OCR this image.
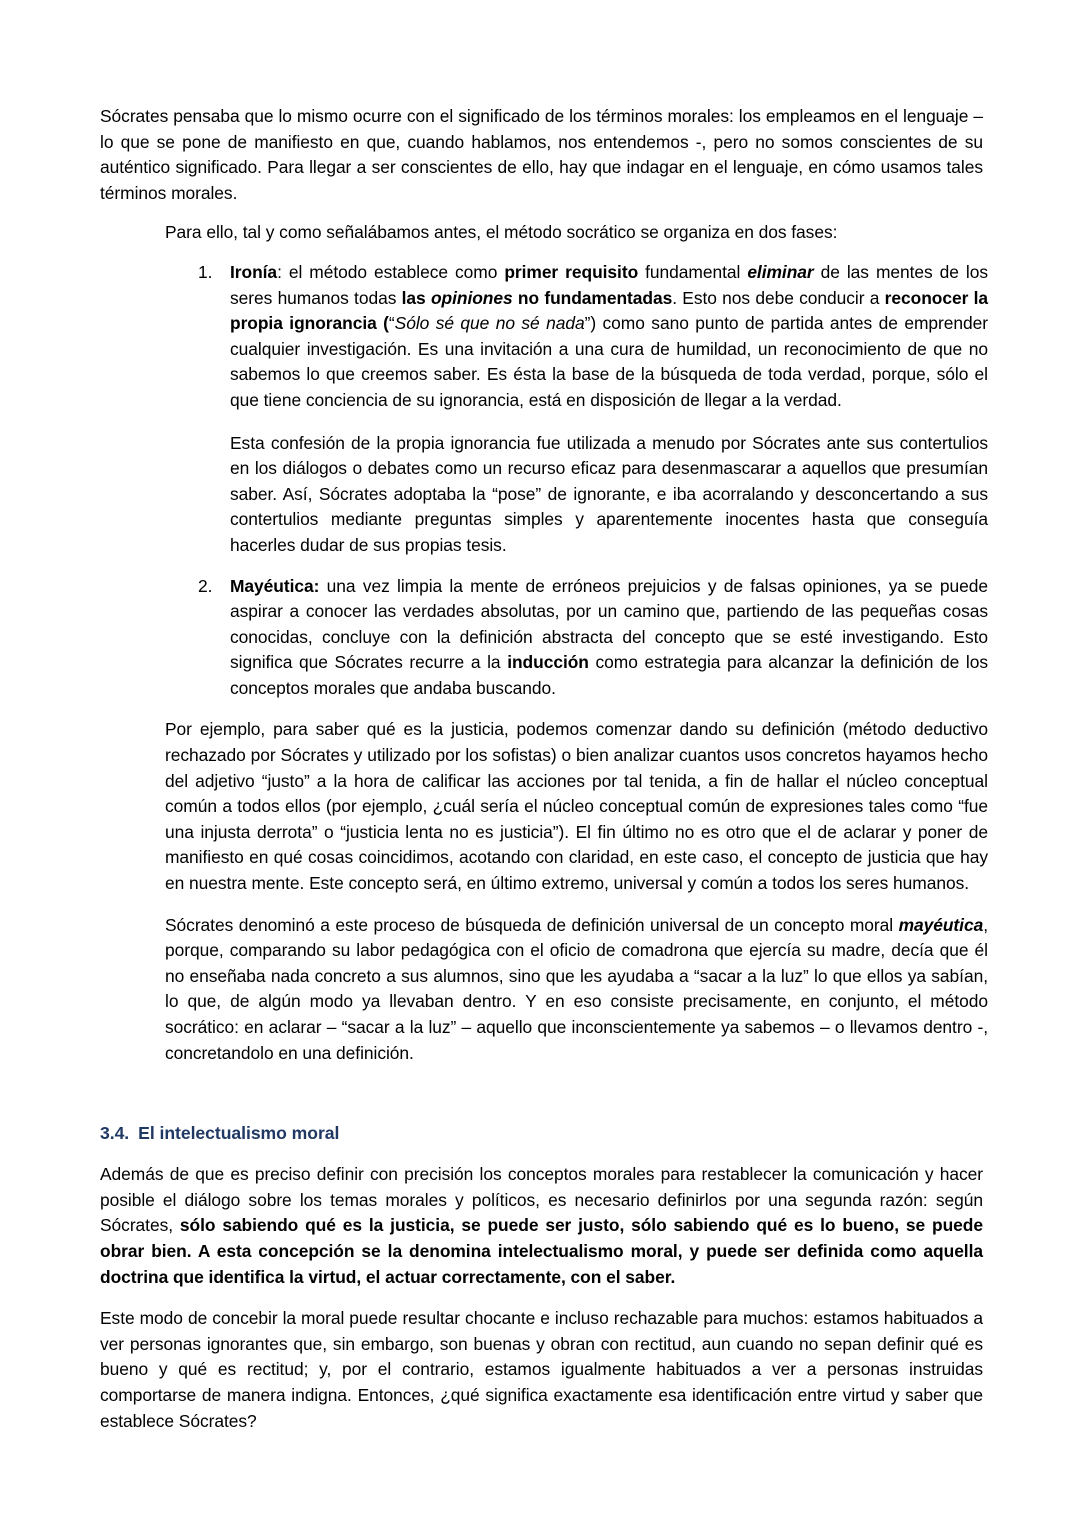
Sócrates pensaba que lo mismo ocurre con el significado de los términos morales: los empleamos en el lenguaje – lo que se pone de manifiesto en que, cuando hablamos, nos entendemos -, pero no somos conscientes de su auténtico significado. Para llegar a ser conscientes de ello, hay que indagar en el lenguaje, en cómo usamos tales términos morales.

Para ello, tal y como señalábamos antes, el método socrático se organiza en dos fases:

Ironía: el método establece como primer requisito fundamental eliminar de las mentes de los seres humanos todas las opiniones no fundamentadas. Esto nos debe conducir a reconocer la propia ignorancia (“Sólo sé que no sé nada”) como sano punto de partida antes de emprender cualquier investigación. Es una invitación a una cura de humildad, un reconocimiento de que no sabemos lo que creemos saber. Es ésta la base de la búsqueda de toda verdad, porque, sólo el que tiene conciencia de su ignorancia, está en disposición de llegar a la verdad.

Esta confesión de la propia ignorancia fue utilizada a menudo por Sócrates ante sus contertulios en los diálogos o debates como un recurso eficaz para desenmascarar a aquellos que presumían saber. Así, Sócrates adoptaba la “pose” de ignorante, e iba acorralando y desconcertando a sus contertulios mediante preguntas simples y aparentemente inocentes hasta que conseguía hacerles dudar de sus propias tesis.

Mayéutica: una vez limpia la mente de erróneos prejuicios y de falsas opiniones, ya se puede aspirar a conocer las verdades absolutas, por un camino que, partiendo de las pequeñas cosas conocidas, concluye con la definición abstracta del concepto que se esté investigando. Esto significa que Sócrates recurre a la inducción como estrategia para alcanzar la definición de los conceptos morales que andaba buscando.

Por ejemplo, para saber qué es la justicia, podemos comenzar dando su definición (método deductivo rechazado por Sócrates y utilizado por los sofistas) o bien analizar cuantos usos concretos hayamos hecho del adjetivo “justo” a la hora de calificar las acciones por tal tenida, a fin de hallar el núcleo conceptual común a todos ellos (por ejemplo, ¿cuál sería el núcleo conceptual común de expresiones tales como “fue una injusta derrota” o “justicia lenta no es justicia”). El fin último no es otro que el de aclarar y poner de manifiesto en qué cosas coincidimos, acotando con claridad, en este caso, el concepto de justicia que hay en nuestra mente. Este concepto será, en último extremo, universal y común a todos los seres humanos.

Sócrates denominó a este proceso de búsqueda de definición universal de un concepto moral mayéutica, porque, comparando su labor pedagógica con el oficio de comadrona que ejercía su madre, decía que él no enseñaba nada concreto a sus alumnos, sino que les ayudaba a “sacar a la luz” lo que ellos ya sabían, lo que, de algún modo ya llevaban dentro. Y en eso consiste precisamente, en conjunto, el método socrático: en aclarar – “sacar a la luz” – aquello que inconscientemente ya sabemos – o llevamos dentro -, concretandolo en una definición.

3.4. El intelectualismo moral

Además de que es preciso definir con precisión los conceptos morales para restablecer la comunicación y hacer posible el diálogo sobre los temas morales y políticos, es necesario definirlos por una segunda razón: según Sócrates, sólo sabiendo qué es la justicia, se puede ser justo, sólo sabiendo qué es lo bueno, se puede obrar bien. A esta concepción se la denomina intelectualismo moral, y puede ser definida como aquella doctrina que identifica la virtud, el actuar correctamente, con el saber.

Este modo de concebir la moral puede resultar chocante e incluso rechazable para muchos: estamos habituados a ver personas ignorantes que, sin embargo, son buenas y obran con rectitud, aun cuando no sepan definir qué es bueno y qué es rectitud; y, por el contrario, estamos igualmente habituados a ver a personas instruidas comportarse de manera indigna. Entonces, ¿qué significa exactamente esa identificación entre virtud y saber que establece Sócrates?
